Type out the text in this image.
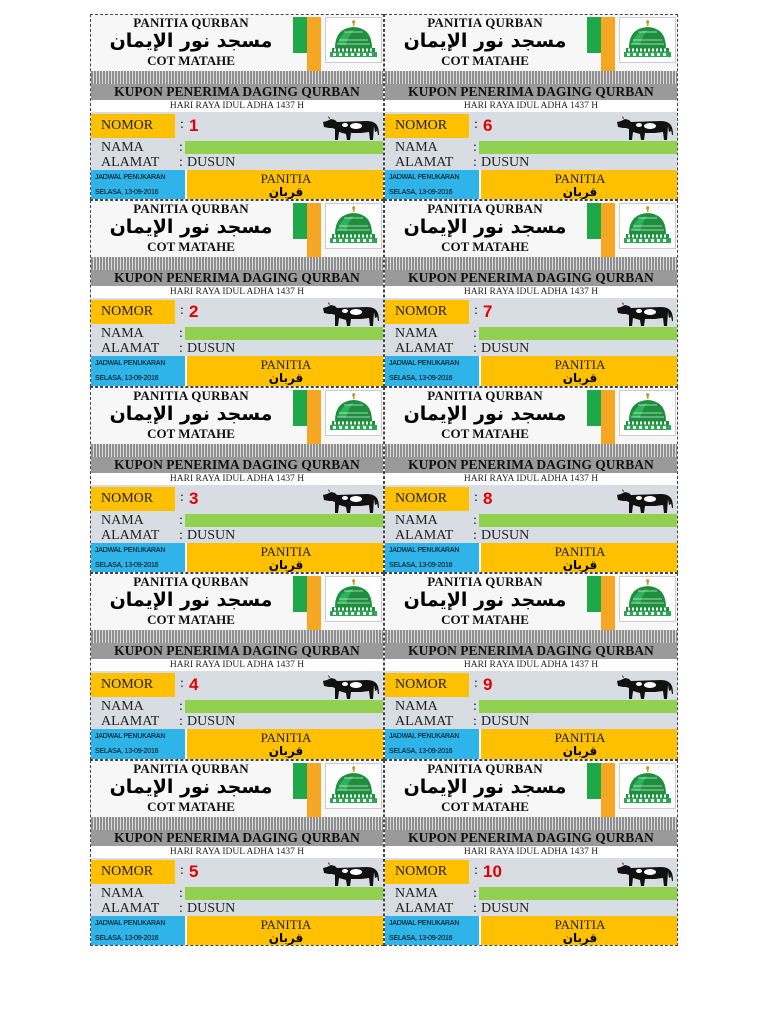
PANITIA QURBAN
مسجد نور الإيمان
COT MATAHE
KUPON PENERIMA DAGING QURBAN
HARI RAYA IDUL ADHA 1437 H
NOMOR	: 1
NAMA	:
ALAMAT : DUSUN
JADWAL PENUKARAN
SELASA, 13-09-2016
PANITIA
قربان
PANITIA QURBAN
مسجد نور الإيمان
COT MATAHE
KUPON PENERIMA DAGING QURBAN
HARI RAYA IDUL ADHA 1437 H
NOMOR	: 6
NAMA	:
ALAMAT : DUSUN
JADWAL PENUKARAN
SELASA, 13-09-2016
PANITIA
قربان
PANITIA QURBAN
مسجد نور الإيمان
COT MATAHE
KUPON PENERIMA DAGING QURBAN
HARI RAYA IDUL ADHA 1437 H
NOMOR	: 2
NAMA	:
ALAMAT : DUSUN
JADWAL PENUKARAN
SELASA, 13-09-2016
PANITIA
قربان
PANITIA QURBAN
مسجد نور الإيمان
COT MATAHE
KUPON PENERIMA DAGING QURBAN
HARI RAYA IDUL ADHA 1437 H
NOMOR	: 7
NAMA	:
ALAMAT : DUSUN
JADWAL PENUKARAN
SELASA, 13-09-2016
PANITIA
قربان
PANITIA QURBAN
مسجد نور الإيمان
COT MATAHE
KUPON PENERIMA DAGING QURBAN
HARI RAYA IDUL ADHA 1437 H
NOMOR	: 3
NAMA	:
ALAMAT : DUSUN
JADWAL PENUKARAN
SELASA, 13-09-2016
PANITIA
قربان
PANITIA QURBAN
مسجد نور الإيمان
COT MATAHE
KUPON PENERIMA DAGING QURBAN
HARI RAYA IDUL ADHA 1437 H
NOMOR	: 8
NAMA	:
ALAMAT : DUSUN
JADWAL PENUKARAN
SELASA, 13-09-2016
PANITIA
قربان
PANITIA QURBAN
مسجد نور الإيمان
COT MATAHE
KUPON PENERIMA DAGING QURBAN
HARI RAYA IDUL ADHA 1437 H
NOMOR	: 4
NAMA	:
ALAMAT : DUSUN
JADWAL PENUKARAN
SELASA, 13-09-2016
PANITIA
قربان
PANITIA QURBAN
مسجد نور الإيمان
COT MATAHE
KUPON PENERIMA DAGING QURBAN
HARI RAYA IDUL ADHA 1437 H
NOMOR	: 9
NAMA	:
ALAMAT : DUSUN
JADWAL PENUKARAN
SELASA, 13-09-2016
PANITIA
قربان
PANITIA QURBAN
مسجد نور الإيمان
COT MATAHE
KUPON PENERIMA DAGING QURBAN
HARI RAYA IDUL ADHA 1437 H
NOMOR	: 5
NAMA	:
ALAMAT : DUSUN
JADWAL PENUKARAN
SELASA, 13-09-2016
PANITIA
قربان
PANITIA QURBAN
مسجد نور الإيمان
COT MATAHE
KUPON PENERIMA DAGING QURBAN
HARI RAYA IDUL ADHA 1437 H
NOMOR	: 10
NAMA	:
ALAMAT : DUSUN
JADWAL PENUKARAN
SELASA, 13-09-2016
PANITIA
قربان
